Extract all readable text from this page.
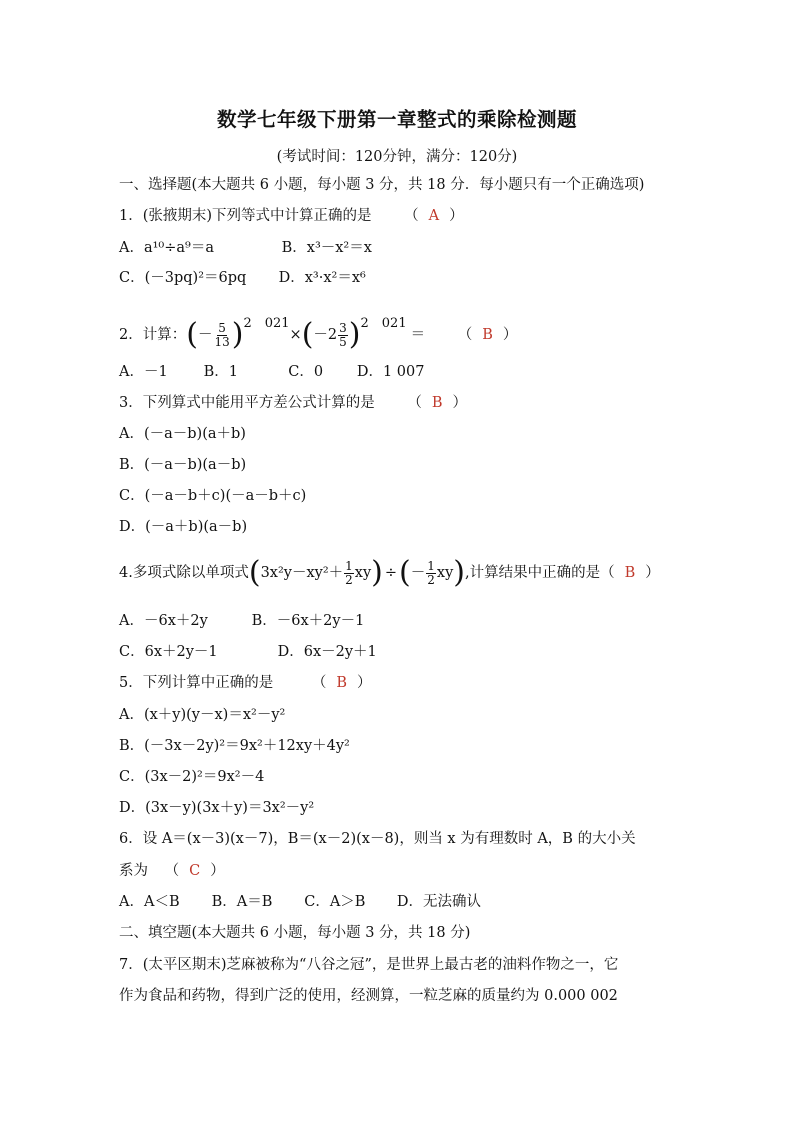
数学七年级下册第一章整式的乘除检测题
(考试时间：120分钟，满分：120分)
一、选择题(本大题共 6 小题，每小题 3 分，共 18 分．每小题只有一个正确选项)
1．(张掖期末)下列等式中计算正确的是 （ A ）
A．a¹⁰÷a⁹＝a	B．x³－x²＝x
C．(－3pq)²＝6pq D．x³·x²＝x⁶
2．计算：(－ $\frac{5}{13} )2$　$021\times(-2 \frac{3}{5} )2$　021＝ （ B ）
A．－1 B．1	C．0 D．1 007
3．下列算式中能用平方差公式计算的是 （ B ）
A．(－a－b)(a＋b)
B．(－a－b)(a－b)
C．(－a－b＋c)(－a－b＋c)
D．(－a＋b)(a－b)
4.多项式除以单项式$(3x^2y-xy^2+ \frac{1}{2} xy)$ ÷(－ $\frac{1}{2} xy$),计算结果中正确的是（ B ）
A．－6x＋2y	B．－6x＋2y－1
C．6x＋2y－1	D．6x－2y＋1
5．下列计算中正确的是	（ B ）
A．(x＋y)(y－x)＝x²－y²
B．(－3x－2y)²＝9x²＋12xy＋4y²
C．(3x－2)²＝9x²－4
D．(3x－y)(3x＋y)＝3x²－y²
6．设 A＝(x－3)(x－7)，B＝(x－2)(x－8)，则当 x 为有理数时 A，B 的大小关
系为 （ C ）
A．A＜B B．A＝B C．A＞B D．无法确认
二、填空题(本大题共 6 小题，每小题 3 分，共 18 分)
7．(太平区期末)芝麻被称为“八谷之冠”，是世界上最古老的油料作物之一，它
作为食品和药物，得到广泛的使用，经测算，一粒芝麻的质量约为 0.000 002
